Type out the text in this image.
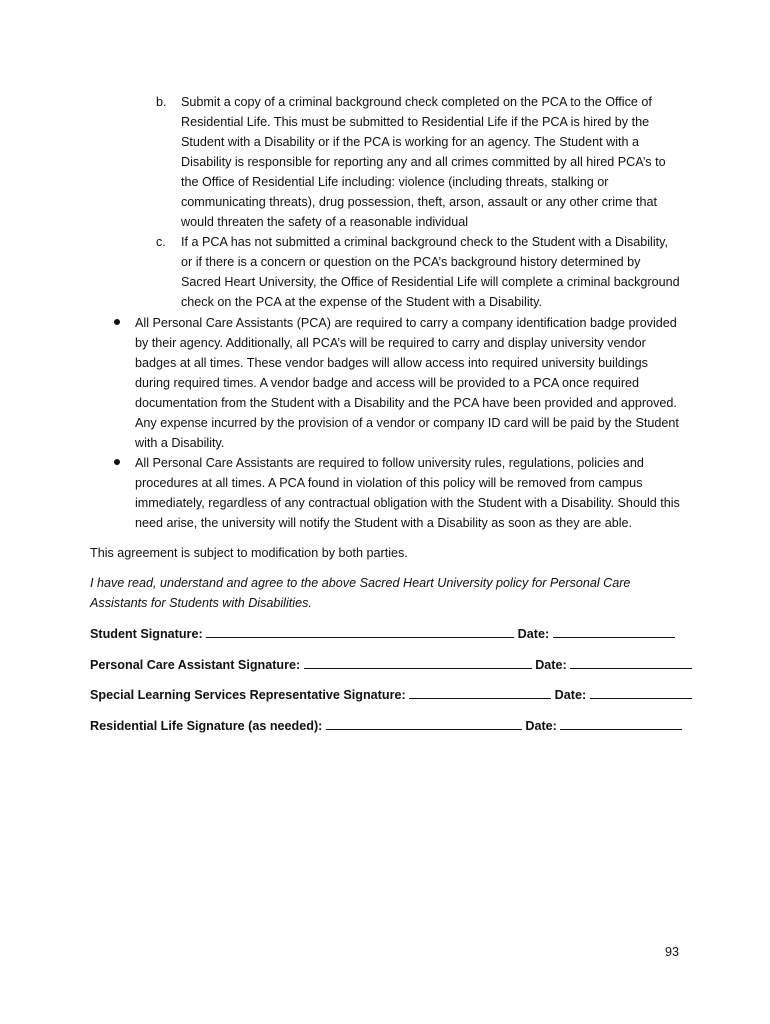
b. Submit a copy of a criminal background check completed on the PCA to the Office of Residential Life. This must be submitted to Residential Life if the PCA is hired by the Student with a Disability or if the PCA is working for an agency. The Student with a Disability is responsible for reporting any and all crimes committed by all hired PCA’s to the Office of Residential Life including: violence (including threats, stalking or communicating threats), drug possession, theft, arson, assault or any other crime that would threaten the safety of a reasonable individual
c. If a PCA has not submitted a criminal background check to the Student with a Disability, or if there is a concern or question on the PCA’s background history determined by Sacred Heart University, the Office of Residential Life will complete a criminal background check on the PCA at the expense of the Student with a Disability.
All Personal Care Assistants (PCA) are required to carry a company identification badge provided by their agency. Additionally, all PCA’s will be required to carry and display university vendor badges at all times. These vendor badges will allow access into required university buildings during required times. A vendor badge and access will be provided to a PCA once required documentation from the Student with a Disability and the PCA have been provided and approved. Any expense incurred by the provision of a vendor or company ID card will be paid by the Student with a Disability.
All Personal Care Assistants are required to follow university rules, regulations, policies and procedures at all times. A PCA found in violation of this policy will be removed from campus immediately, regardless of any contractual obligation with the Student with a Disability. Should this need arise, the university will notify the Student with a Disability as soon as they are able.
This agreement is subject to modification by both parties.
I have read, understand and agree to the above Sacred Heart University policy for Personal Care Assistants for Students with Disabilities.
Student Signature:	Date:
Personal Care Assistant Signature:	Date:
Special Learning Services Representative Signature:	Date:
Residential Life Signature (as needed):	Date:
93
